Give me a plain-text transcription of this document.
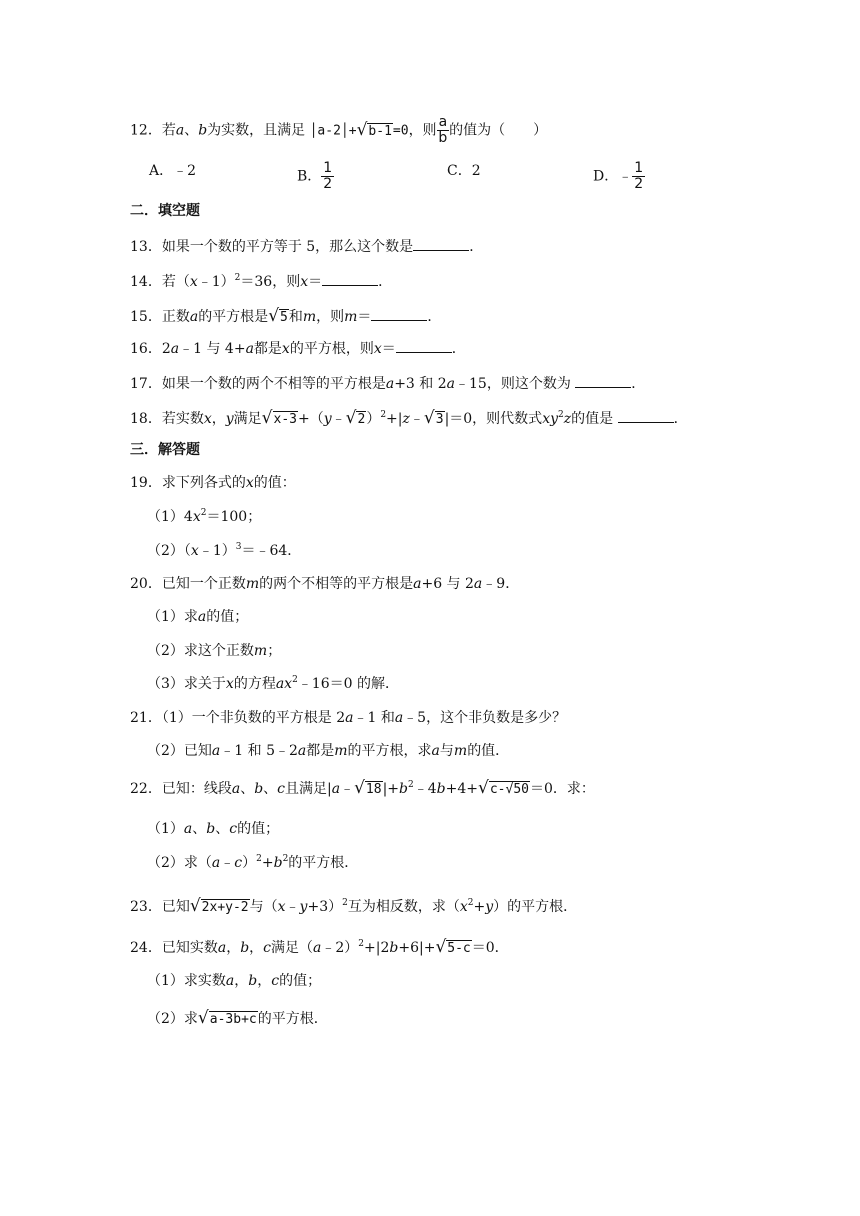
12．若a、b为实数，且满足 │a-2│+√b-1=0，则 $\frac{a}{b}$ 的值为（　　）
A．﹣2	B． $\frac{1}{2}$	C．2	D．﹣ $\frac{1}{2}$
二．填空题
13．如果一个数的平方等于 5，那么这个数是	．
14．若（x﹣1）$^2$＝36，则x＝	．
15．正数a的平方根是√5和m，则m＝	．
16．2a﹣1 与 4+a都是x的平方根，则x＝	．
17．如果一个数的两个不相等的平方根是a+3 和 2a﹣15，则这个数为	．
18．若实数x，y满足√x-3+（y﹣√2）$^2$+|z﹣√3|＝0，则代数式$xy^2z$的值是	．
三．解答题
19．求下列各式的x的值：
$(1)4x^2=100$；
（2）（x﹣1）$^3$＝﹣64．
20．已知一个正数m的两个不相等的平方根是a+6 与 2a﹣9．
（1）求a的值；
（2）求这个正数m；
（3）求关于x的方程$ax^2﹣16=0$ 的解．
21．（1）一个非负数的平方根是 2a﹣1 和a﹣5，这个非负数是多少？
（2）已知a﹣1 和 5﹣2a都是m的平方根，求a与m的值．
22．已知：线段a、b、c且满足$|a﹣√18|+b^2﹣4b+4+√c-√50=0$．求：
（1）a、b、c的值；
（2）求$(a﹣c)^2+b^2$的平方根．
23．已知√2x+y-2与（x﹣y+3）$^2$互为相反数，求$(x^2+y)$的平方根．
24．已知实数a，b，c满足（a﹣2）$^2$+|2b+6|+√5-c＝0．
（1）求实数a，b，c的值；
（2）求√a-3b+c的平方根．
